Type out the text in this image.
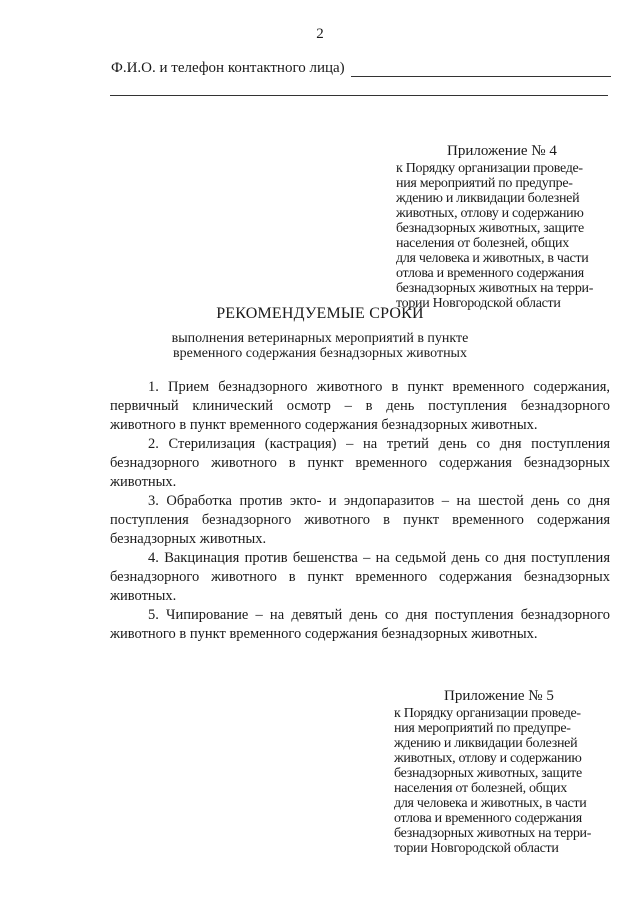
2
Ф.И.О. и телефон контактного лица)
Приложение № 4
к Порядку организации проведе-
ния мероприятий по предупре-
ждению и ликвидации болезней
животных, отлову и содержанию
безнадзорных животных, защите
населения от болезней, общих
для человека и животных, в части
отлова и временного содержания
безнадзорных животных на терри-
тории Новгородской области
РЕКОМЕНДУЕМЫЕ СРОКИ
выполнения ветеринарных мероприятий в пункте
временного содержания безнадзорных животных
1. Прием безнадзорного животного в пункт временного содержания,
первичный клинический осмотр – в день поступления безнадзорного
животного в пункт временного содержания безнадзорных животных.
2. Стерилизация (кастрация) – на третий день со дня поступления
безнадзорного животного в пункт временного содержания безнадзорных
животных.
3. Обработка против экто- и эндопаразитов – на шестой день со дня
поступления безнадзорного животного в пункт временного содержания
безнадзорных животных.
4. Вакцинация против бешенства – на седьмой день со дня поступления
безнадзорного животного в пункт временного содержания безнадзорных
животных.
5. Чипирование – на девятый день со дня поступления безнадзорного
животного в пункт временного содержания безнадзорных животных.
Приложение № 5
к Порядку организации проведе-
ния мероприятий по предупре-
ждению и ликвидации болезней
животных, отлову и содержанию
безнадзорных животных, защите
населения от болезней, общих
для человека и животных, в части
отлова и временного содержания
безнадзорных животных на терри-
тории Новгородской области
